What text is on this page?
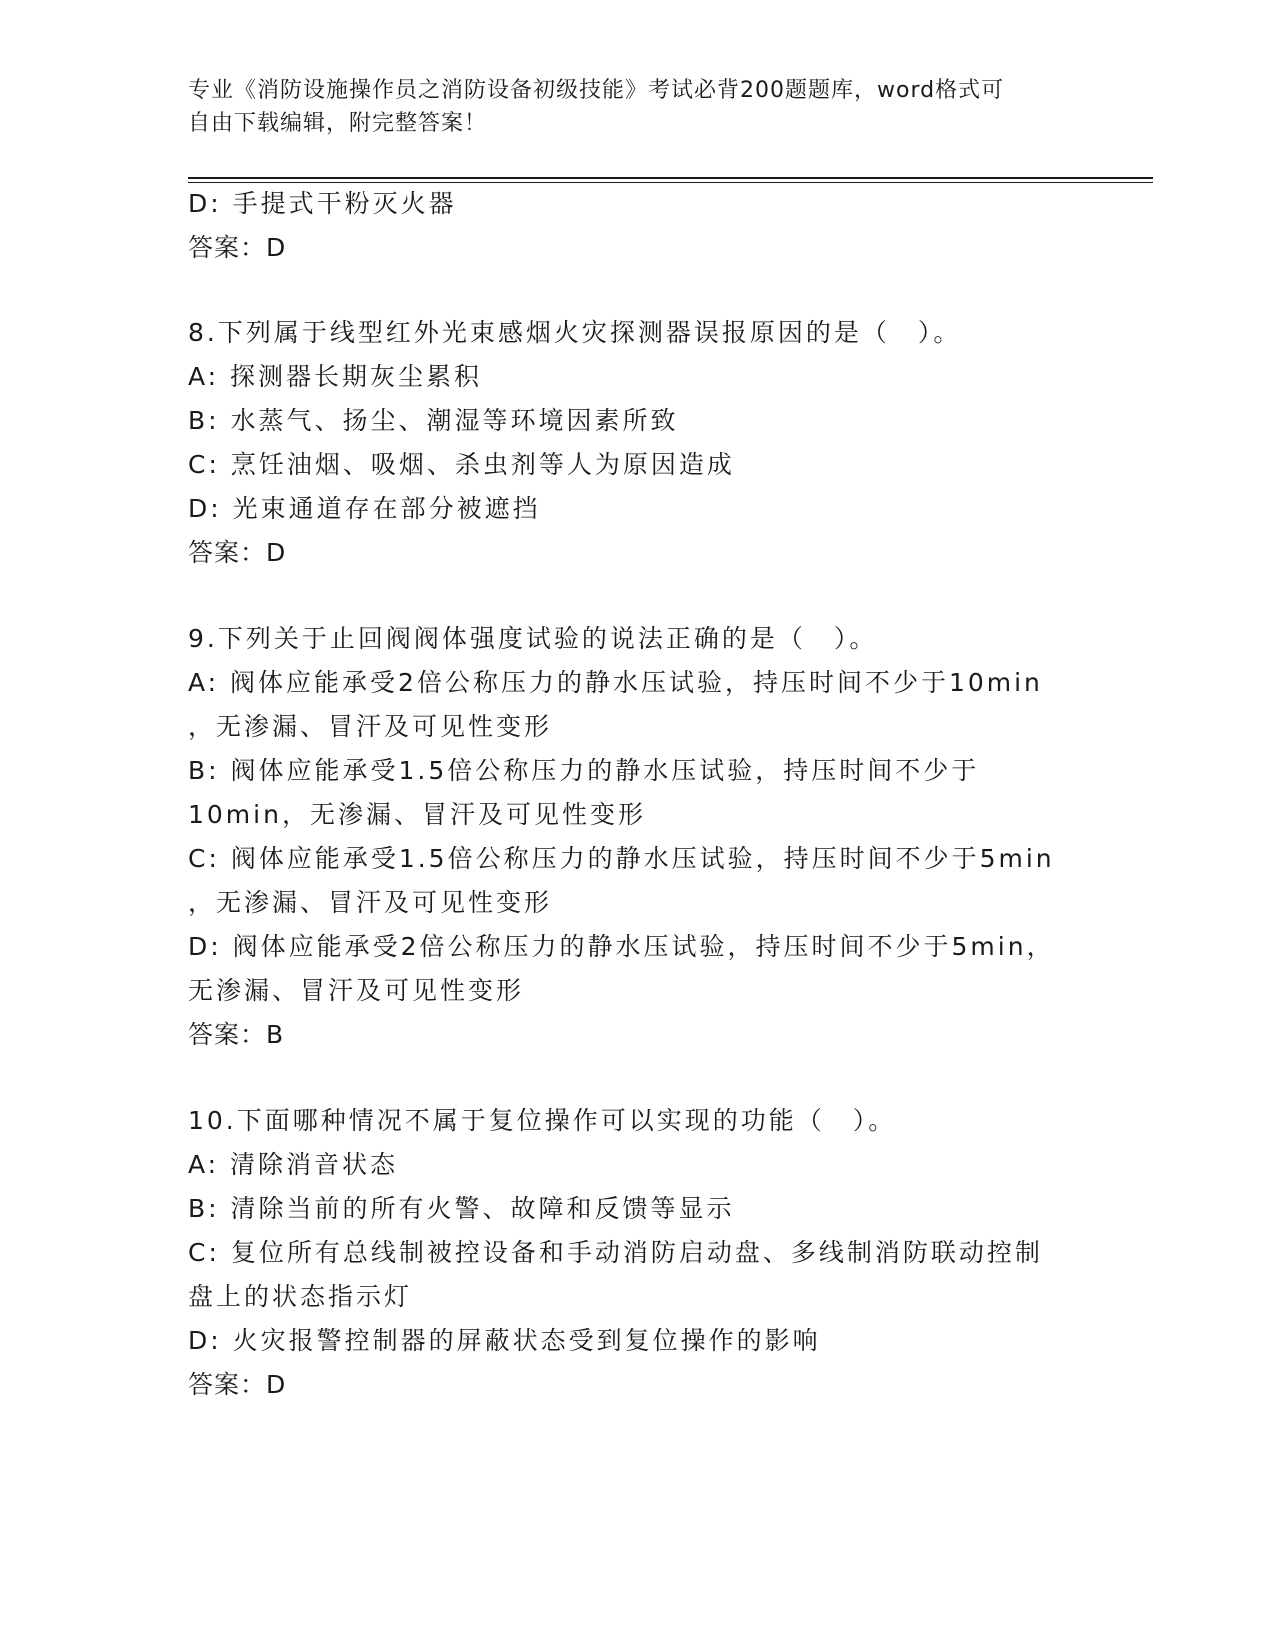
专业《消防设施操作员之消防设备初级技能》考试必背200题题库，word格式可
自由下载编辑，附完整答案！
D: 手提式干粉灭火器
答案：D
8.下列属于线型红外光束感烟火灾探测器误报原因的是（　）。
A: 探测器长期灰尘累积
B: 水蒸气、扬尘、潮湿等环境因素所致
C: 烹饪油烟、吸烟、杀虫剂等人为原因造成
D: 光束通道存在部分被遮挡
答案：D
9.下列关于止回阀阀体强度试验的说法正确的是（　）。
A: 阀体应能承受2倍公称压力的静水压试验，持压时间不少于10min
，无渗漏、冒汗及可见性变形
B: 阀体应能承受1.5倍公称压力的静水压试验，持压时间不少于
10min，无渗漏、冒汗及可见性变形
C: 阀体应能承受1.5倍公称压力的静水压试验，持压时间不少于5min
，无渗漏、冒汗及可见性变形
D: 阀体应能承受2倍公称压力的静水压试验，持压时间不少于5min，
无渗漏、冒汗及可见性变形
答案：B
10.下面哪种情况不属于复位操作可以实现的功能（　）。
A: 清除消音状态
B: 清除当前的所有火警、故障和反馈等显示
C: 复位所有总线制被控设备和手动消防启动盘、多线制消防联动控制
盘上的状态指示灯
D: 火灾报警控制器的屏蔽状态受到复位操作的影响
答案：D
